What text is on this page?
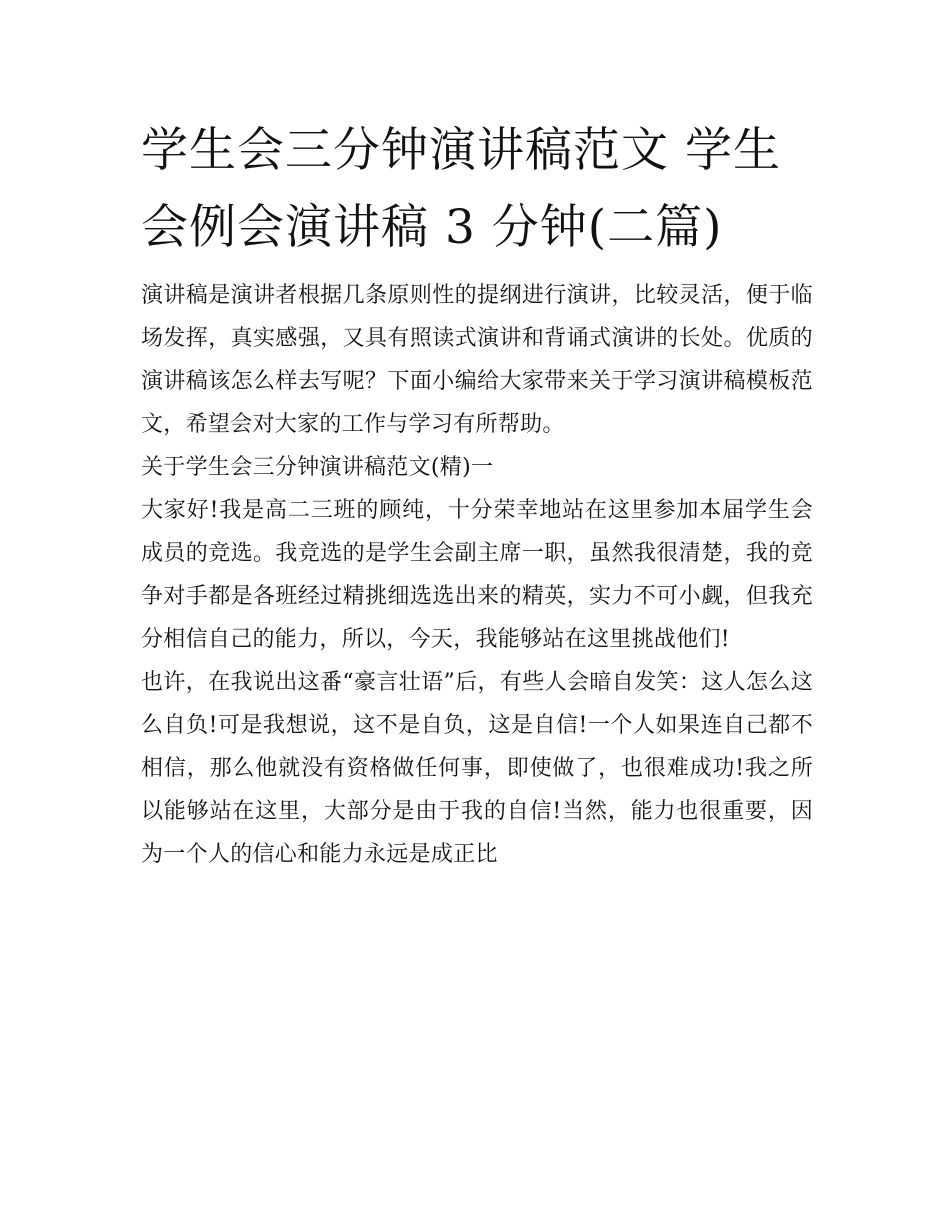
学生会三分钟演讲稿范文 学生
会例会演讲稿 3 分钟(二篇)

演讲稿是演讲者根据几条原则性的提纲进行演讲，比较灵活，便于临场发挥，真实感强，又具有照读式演讲和背诵式演讲的长处。优质的演讲稿该怎么样去写呢？下面小编给大家带来关于学习演讲稿模板范文，希望会对大家的工作与学习有所帮助。

关于学生会三分钟演讲稿范文(精)一

大家好!我是高二三班的顾纯，十分荣幸地站在这里参加本届学生会成员的竞选。我竞选的是学生会副主席一职，虽然我很清楚，我的竞争对手都是各班经过精挑细选选出来的精英，实力不可小觑，但我充分相信自己的能力，所以，今天，我能够站在这里挑战他们!

也许，在我说出这番“豪言壮语”后，有些人会暗自发笑：这人怎么这么自负!可是我想说，这不是自负，这是自信!一个人如果连自己都不相信，那么他就没有资格做任何事，即使做了，也很难成功!我之所以能够站在这里，大部分是由于我的自信!当然，能力也很重要，因为一个人的信心和能力永远是成正比
